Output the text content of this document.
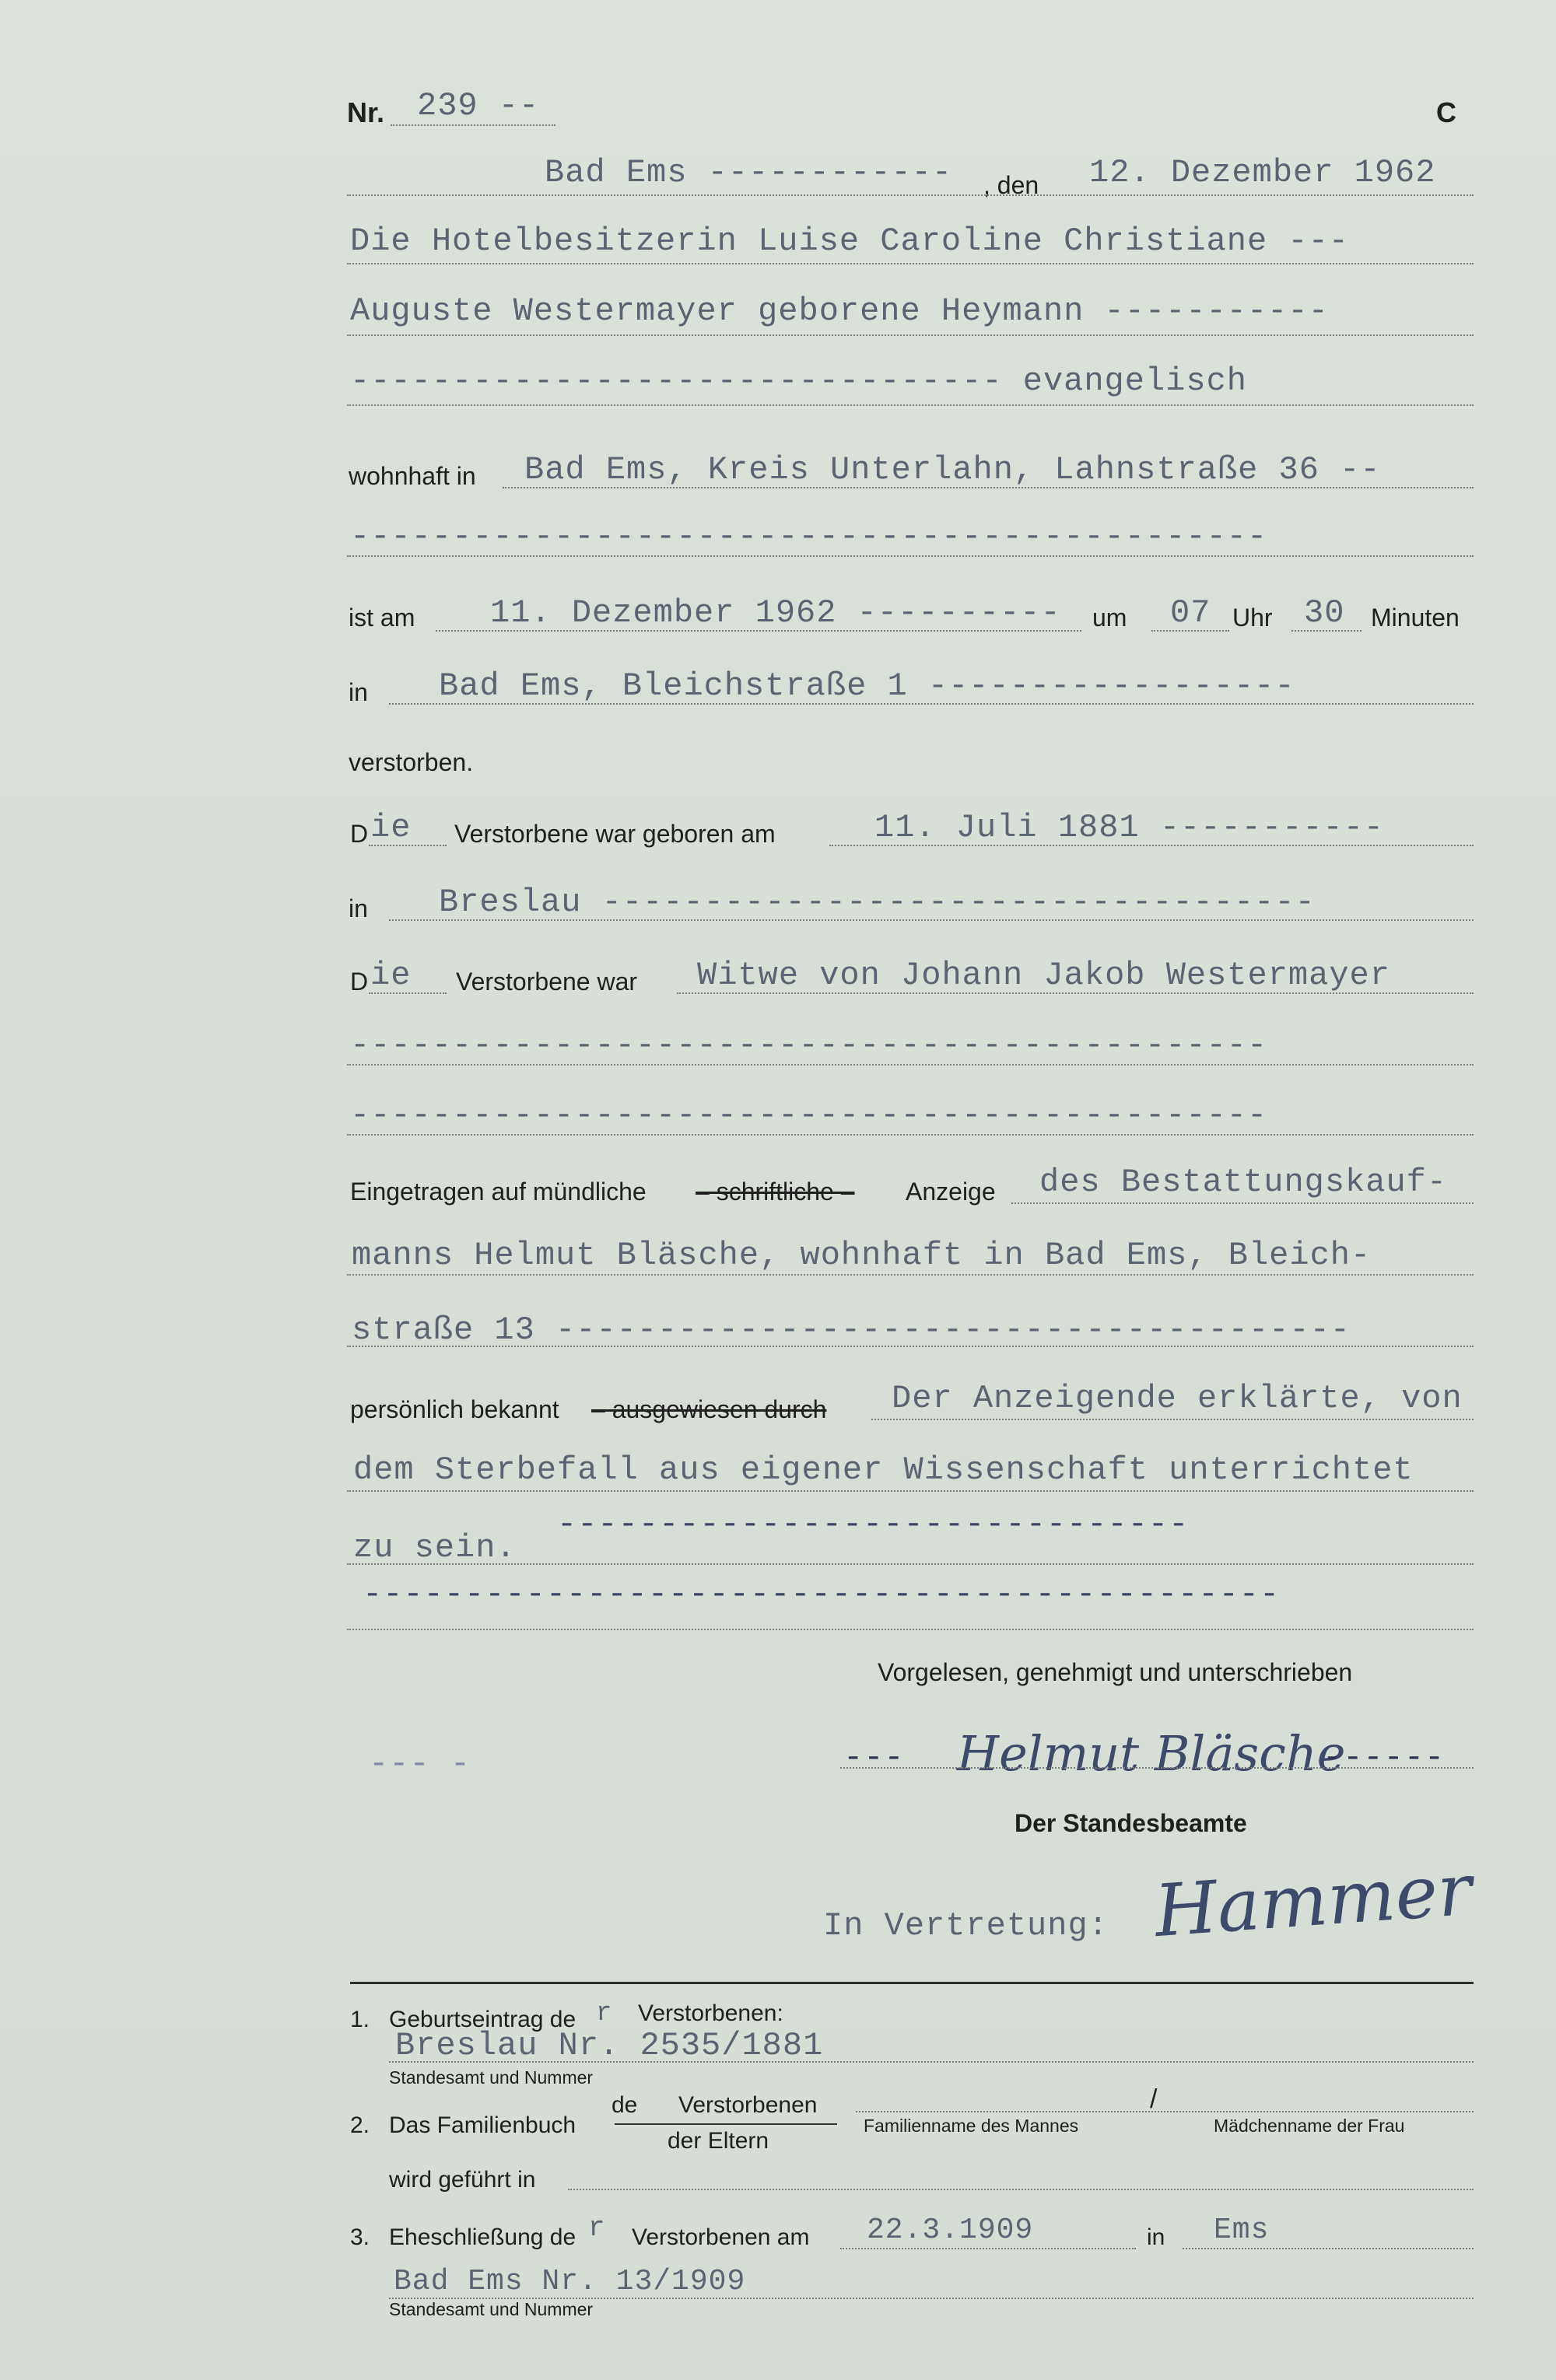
Nr. 239 --	C
Bad Ems ------------ , den 12. Dezember 1962
Die Hotelbesitzerin Luise Caroline Christiane ---
Auguste Westermayer geborene Heymann -----------
-------------------------------- evangelisch
wohnhaft in Bad Ems, Kreis Unterlahn, Lahnstraße 36 --
---------------------------------------------
ist am 11. Dezember 1962 ---------- um 07 Uhr 30 Minuten
in Bad Ems, Bleichstraße 1 ------------------
verstorben.
D ie Verstorbene war geboren am	11. Juli 1881 -----------
in Breslau -----------------------------------
D ie Verstorbene war Witwe von Johann Jakob Westermayer
---------------------------------------------
---------------------------------------------
Eingetragen auf mündliche – schriftliche – Anzeige des Bestattungskauf-
manns Helmut Bläsche, wohnhaft in Bad Ems, Bleich-
straße 13 ---------------------------------------
persönlich bekannt – ausgewiesen durch Der Anzeigende erklärte, von
dem Sterbefall aus eigener Wissenschaft unterrichtet
zu sein.
-------------------------------
---------------------------------------------
Vorgelesen, genehmigt und unterschrieben
--- -	--- Helmut Bläsche
------
Der Standesbeamte
In Vertretung: Hammer
1. Geburtseintrag de r Verstorbenen:
Breslau Nr. 2535/1881
Standesamt und Nummer
2. Das Familienbuch
de Verstorbenen
der Eltern
Familienname des Mannes
/
Mädchenname der Frau
wird geführt in
3. Eheschließung de r Verstorbenen am 22.3.1909	in Ems
Bad Ems Nr. 13/1909
Standesamt und Nummer
